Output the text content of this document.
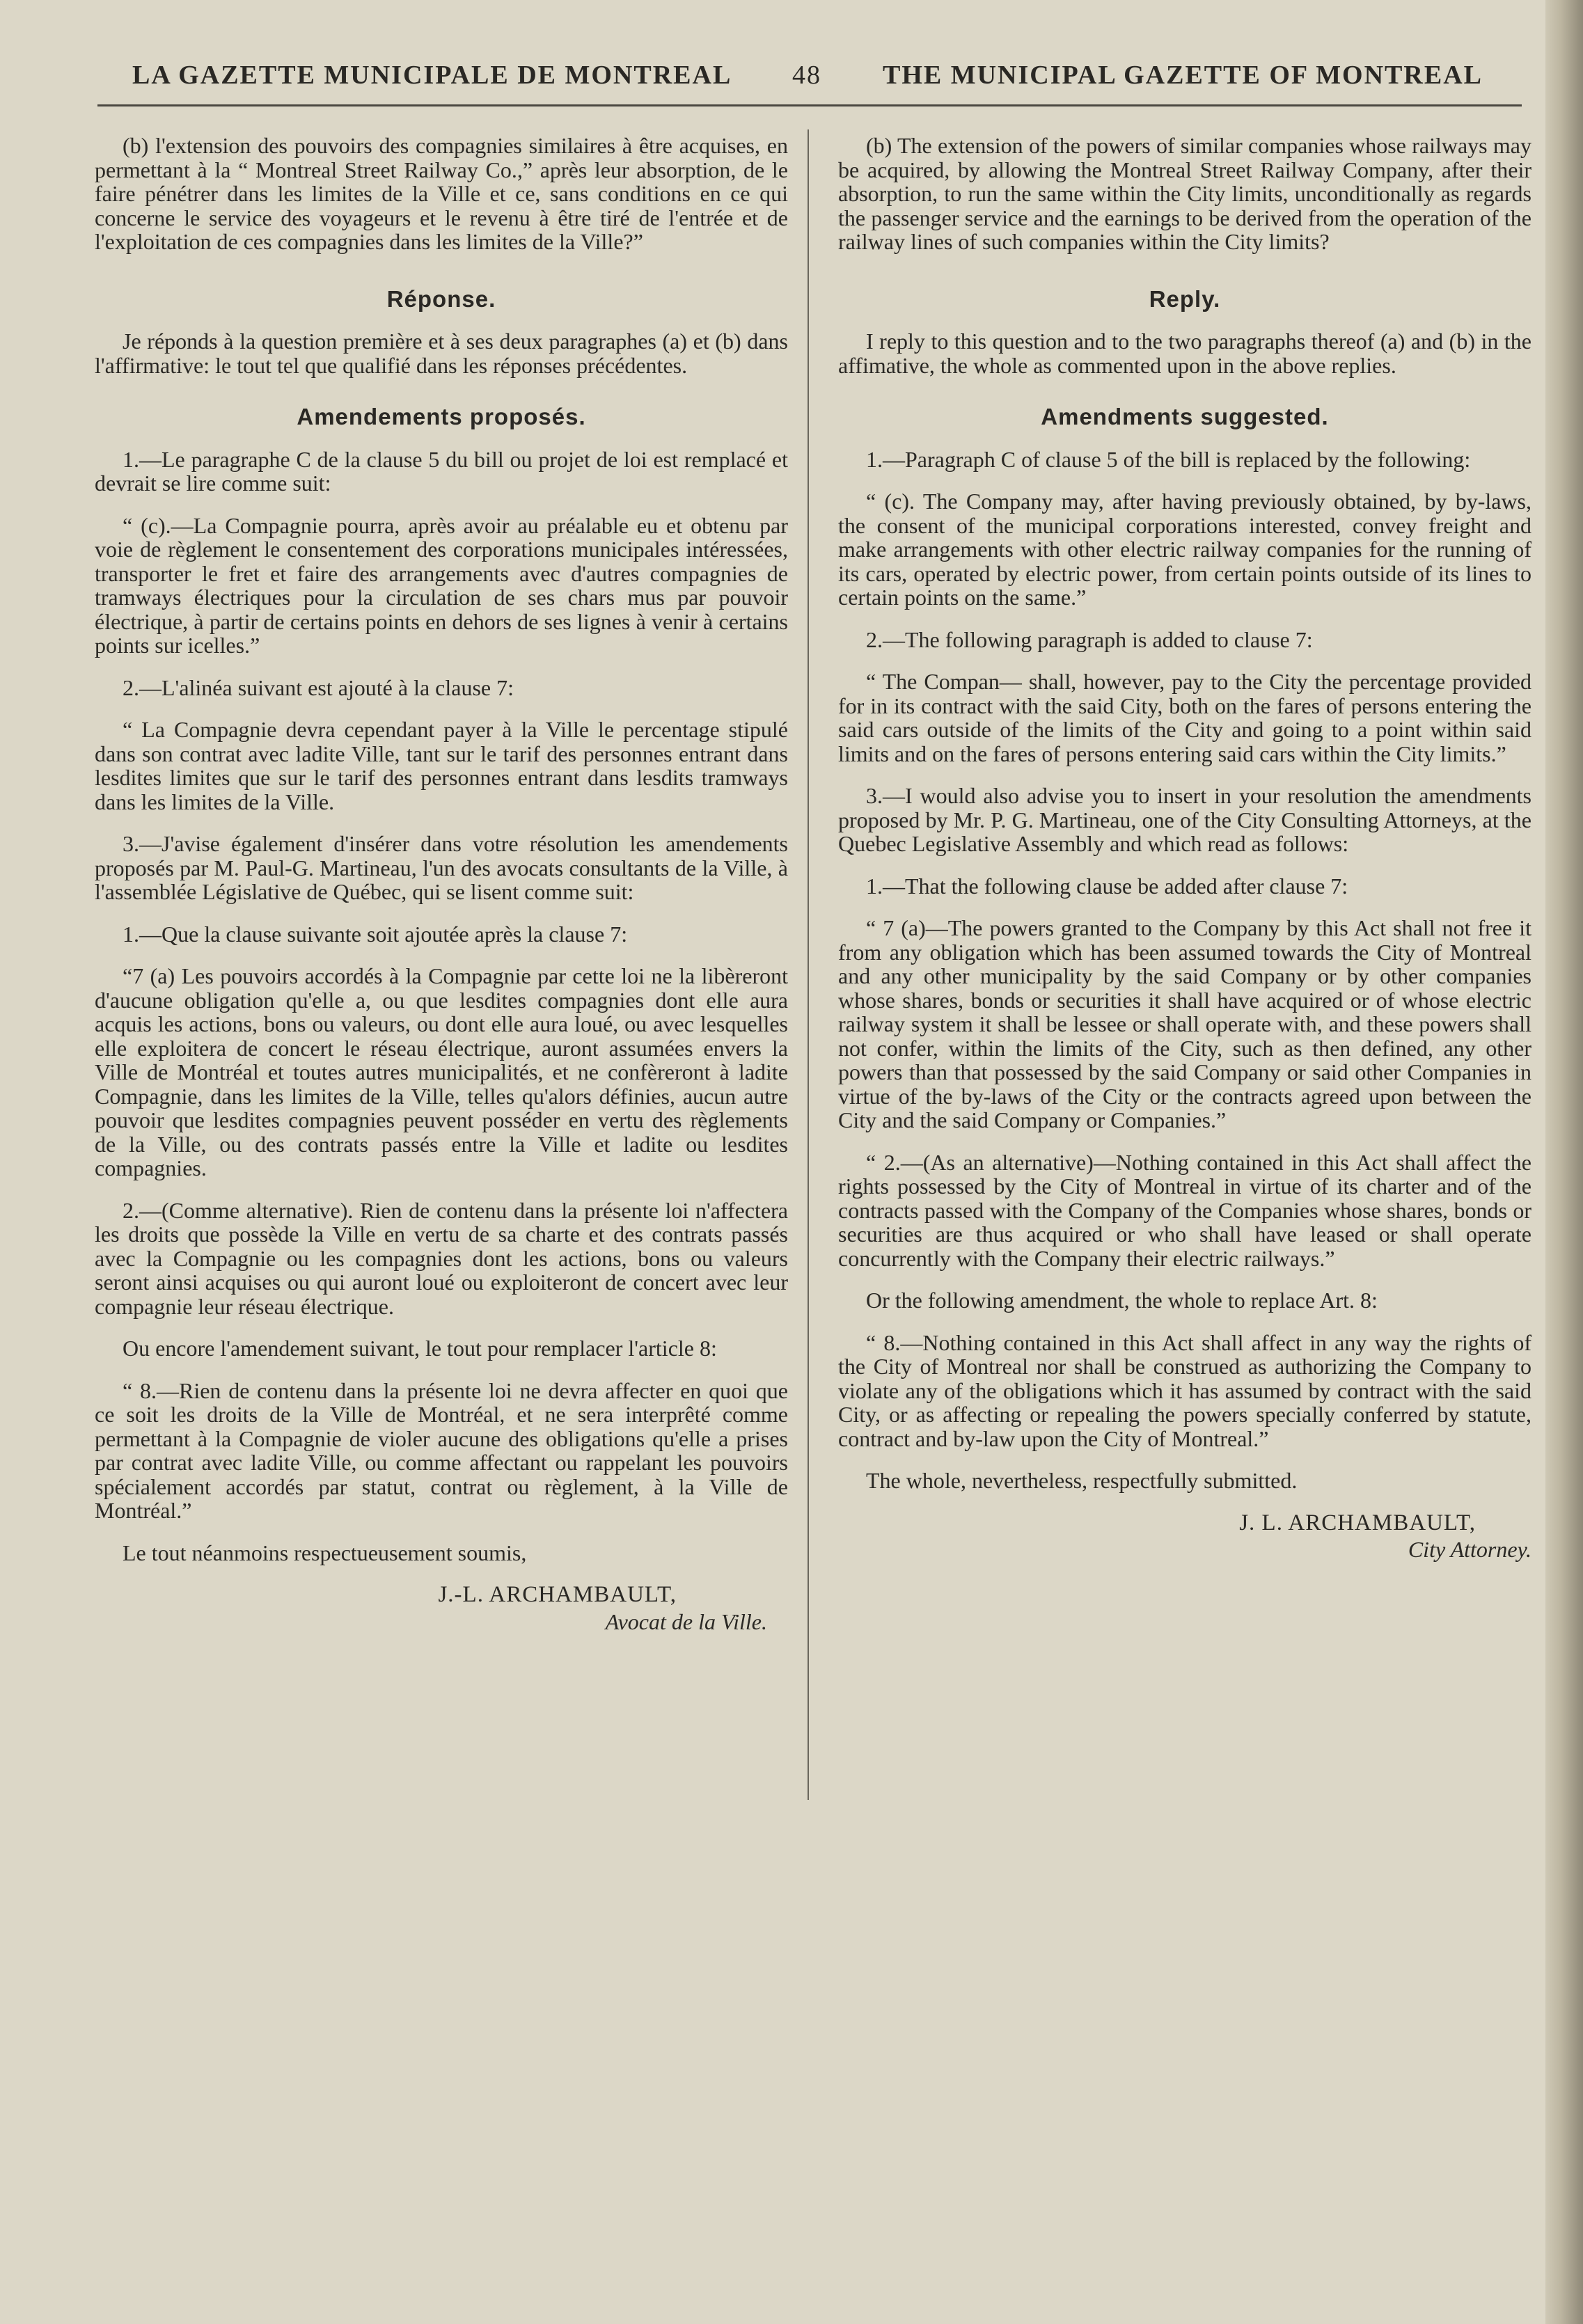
LA GAZETTE MUNICIPALE DE MONTREAL 48 THE MUNICIPAL GAZETTE OF MONTREAL

(b) l'extension des pouvoirs des compagnies similaires à être acquises, en permettant à la “ Montreal Street Railway Co.,” après leur absorption, de le faire pénétrer dans les limites de la Ville et ce, sans conditions en ce qui concerne le service des voyageurs et le revenu à être tiré de l'entrée et de l'exploitation de ces compagnies dans les limites de la Ville?”

Réponse.

Je réponds à la question première et à ses deux paragraphes (a) et (b) dans l'affirmative: le tout tel que qualifié dans les réponses précédentes.

Amendements proposés.

1.—Le paragraphe C de la clause 5 du bill ou projet de loi est remplacé et devrait se lire comme suit:

“ (c).—La Compagnie pourra, après avoir au préalable eu et obtenu par voie de règlement le consentement des corporations municipales intéressées, transporter le fret et faire des arrangements avec d'autres compagnies de tramways électriques pour la circulation de ses chars mus par pouvoir électrique, à partir de certains points en dehors de ses lignes à venir à certains points sur icelles.”

2.—L'alinéa suivant est ajouté à la clause 7:

“ La Compagnie devra cependant payer à la Ville le percentage stipulé dans son contrat avec ladite Ville, tant sur le tarif des personnes entrant dans lesdites limites que sur le tarif des personnes entrant dans lesdits tramways dans les limites de la Ville.

3.—J'avise également d'insérer dans votre résolution les amendements proposés par M. Paul-G. Martineau, l'un des avocats consultants de la Ville, à l'assemblée Législative de Québec, qui se lisent comme suit:

1.—Que la clause suivante soit ajoutée après la clause 7:

“7 (a) Les pouvoirs accordés à la Compagnie par cette loi ne la libèreront d'aucune obligation qu'elle a, ou que lesdites compagnies dont elle aura acquis les actions, bons ou valeurs, ou dont elle aura loué, ou avec lesquelles elle exploitera de concert le réseau électrique, auront assumées envers la Ville de Montréal et toutes autres municipalités, et ne confèreront à ladite Compagnie, dans les limites de la Ville, telles qu'alors définies, aucun autre pouvoir que lesdites compagnies peuvent posséder en vertu des règlements de la Ville, ou des contrats passés entre la Ville et ladite ou lesdites compagnies.

2.—(Comme alternative). Rien de contenu dans la présente loi n'affectera les droits que possède la Ville en vertu de sa charte et des contrats passés avec la Compagnie ou les compagnies dont les actions, bons ou valeurs seront ainsi acquises ou qui auront loué ou exploiteront de concert avec leur compagnie leur réseau électrique.

Ou encore l'amendement suivant, le tout pour remplacer l'article 8:

“ 8.—Rien de contenu dans la présente loi ne devra affecter en quoi que ce soit les droits de la Ville de Montréal, et ne sera interprêté comme permettant à la Compagnie de violer aucune des obligations qu'elle a prises par contrat avec ladite Ville, ou comme affectant ou rappelant les pouvoirs spécialement accordés par statut, contrat ou règlement, à la Ville de Montréal.”

Le tout néanmoins respectueusement soumis,

J.-L. ARCHAMBAULT,
Avocat de la Ville.

(b) The extension of the powers of similar companies whose railways may be acquired, by allowing the Montreal Street Railway Company, after their absorption, to run the same within the City limits, unconditionally as regards the passenger service and the earnings to be derived from the operation of the railway lines of such companies within the City limits?

Reply.

I reply to this question and to the two paragraphs thereof (a) and (b) in the affimative, the whole as commented upon in the above replies.

Amendments suggested.

1.—Paragraph C of clause 5 of the bill is replaced by the following:

“ (c). The Company may, after having previously obtained, by by-laws, the consent of the municipal corporations interested, convey freight and make arrangements with other electric railway companies for the running of its cars, operated by electric power, from certain points outside of its lines to certain points on the same.”

2.—The following paragraph is added to clause 7:

“ The Compan— shall, however, pay to the City the percentage provided for in its contract with the said City, both on the fares of persons entering the said cars outside of the limits of the City and going to a point within said limits and on the fares of persons entering said cars within the City limits.”

3.—I would also advise you to insert in your resolution the amendments proposed by Mr. P. G. Martineau, one of the City Consulting Attorneys, at the Quebec Legislative Assembly and which read as follows:

1.—That the following clause be added after clause 7:

“ 7 (a)—The powers granted to the Company by this Act shall not free it from any obligation which has been assumed towards the City of Montreal and any other municipality by the said Company or by other companies whose shares, bonds or securities it shall have acquired or of whose electric railway system it shall be lessee or shall operate with, and these powers shall not confer, within the limits of the City, such as then defined, any other powers than that possessed by the said Company or said other Companies in virtue of the by-laws of the City or the contracts agreed upon between the City and the said Company or Companies.”

“ 2.—(As an alternative)—Nothing contained in this Act shall affect the rights possessed by the City of Montreal in virtue of its charter and of the contracts passed with the Company of the Companies whose shares, bonds or securities are thus acquired or who shall have leased or shall operate concurrently with the Company their electric railways.”

Or the following amendment, the whole to replace Art. 8:

“ 8.—Nothing contained in this Act shall affect in any way the rights of the City of Montreal nor shall be construed as authorizing the Company to violate any of the obligations which it has assumed by contract with the said City, or as affecting or repealing the powers specially conferred by statute, contract and by-law upon the City of Montreal.”

The whole, nevertheless, respectfully submitted.

J. L. ARCHAMBAULT,
City Attorney.
